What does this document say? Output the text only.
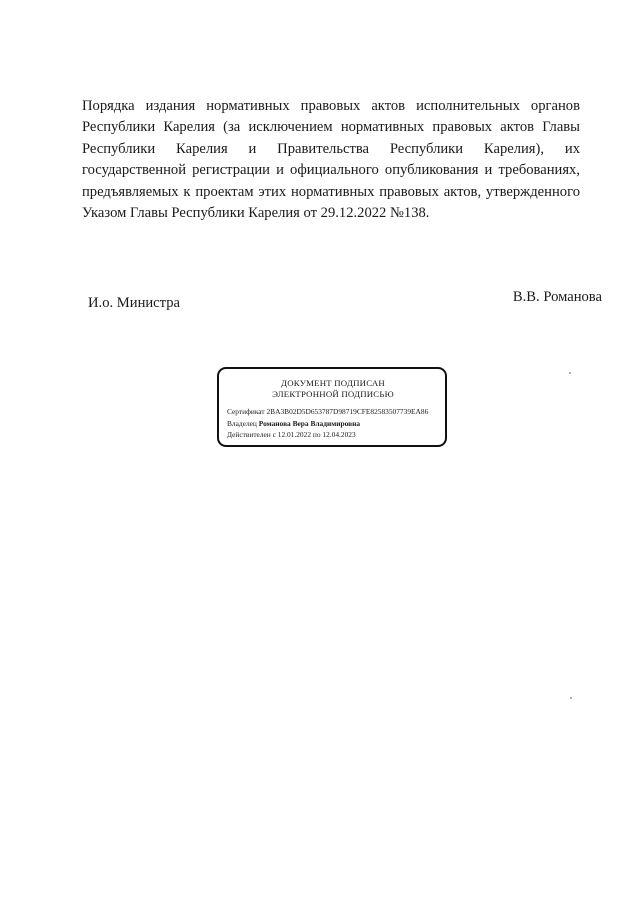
Порядка издания нормативных правовых актов исполнительных органов Республики Карелия (за исключением нормативных правовых актов Главы Республики Карелия и Правительства Республики Карелия), их государственной регистрации и официального опубликования и требованиях, предъявляемых к проектам этих нормативных правовых актов, утвержденного Указом Главы Республики Карелия от 29.12.2022 №138.

И.о. Министра	В.В. Романова

ДОКУМЕНТ ПОДПИСАН

ЭЛЕКТРОННОЙ ПОДПИСЬЮ

Сертификат 2BA3B02D5D653787D98719CFE82583507739EA86

Владелец Романова Вера Владимировна

Действителен с 12.01.2022 по 12.04.2023
